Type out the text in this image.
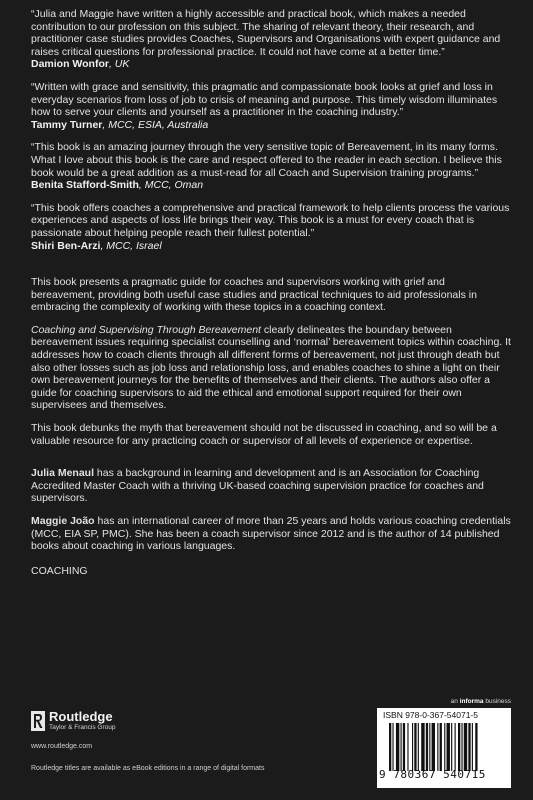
“Julia and Maggie have written a highly accessible and practical book, which makes a needed contribution to our profession on this subject. The sharing of relevant theory, their research, and practitioner case studies provides Coaches, Supervisors and Organisations with expert guidance and raises critical questions for professional practice. It could not have come at a better time.”

Damion Wonfor, UK

“Written with grace and sensitivity, this pragmatic and compassionate book looks at grief and loss in everyday scenarios from loss of job to crisis of meaning and purpose. This timely wisdom illuminates how to serve your clients and yourself as a practitioner in the coaching industry.”

Tammy Turner, MCC, ESIA, Australia

“This book is an amazing journey through the very sensitive topic of Bereavement, in its many forms. What I love about this book is the care and respect offered to the reader in each section. I believe this book would be a great addition as a must-read for all Coach and Supervision training programs.”

Benita Stafford-Smith, MCC, Oman

“This book offers coaches a comprehensive and practical framework to help clients process the various experiences and aspects of loss life brings their way. This book is a must for every coach that is passionate about helping people reach their fullest potential.”

Shiri Ben-Arzi, MCC, Israel

This book presents a pragmatic guide for coaches and supervisors working with grief and bereavement, providing both useful case studies and practical techniques to aid professionals in embracing the complexity of working with these topics in a coaching context.

Coaching and Supervising Through Bereavement clearly delineates the boundary between bereavement issues requiring specialist counselling and ‘normal’ bereavement topics within coaching. It addresses how to coach clients through all different forms of bereavement, not just through death but also other losses such as job loss and relationship loss, and enables coaches to shine a light on their own bereavement journeys for the benefits of themselves and their clients. The authors also offer a guide for coaching supervisors to aid the ethical and emotional support required for their own supervisees and themselves.

This book debunks the myth that bereavement should not be discussed in coaching, and so will be a valuable resource for any practicing coach or supervisor of all levels of experience or expertise.

Julia Menaul has a background in learning and development and is an Association for Coaching Accredited Master Coach with a thriving UK-based coaching supervision practice for coaches and supervisors.

Maggie João has an international career of more than 25 years and holds various coaching credentials (MCC, EIA SP, PMC). She has been a coach supervisor since 2012 and is the author of 14 published books about coaching in various languages.

COACHING
Routledge
Taylor & Francis Group
www.routledge.com
Routledge titles are available as eBook editions in a range of digital formats
an informa business
ISBN 978-0-367-54071-5
9 780367 540715
